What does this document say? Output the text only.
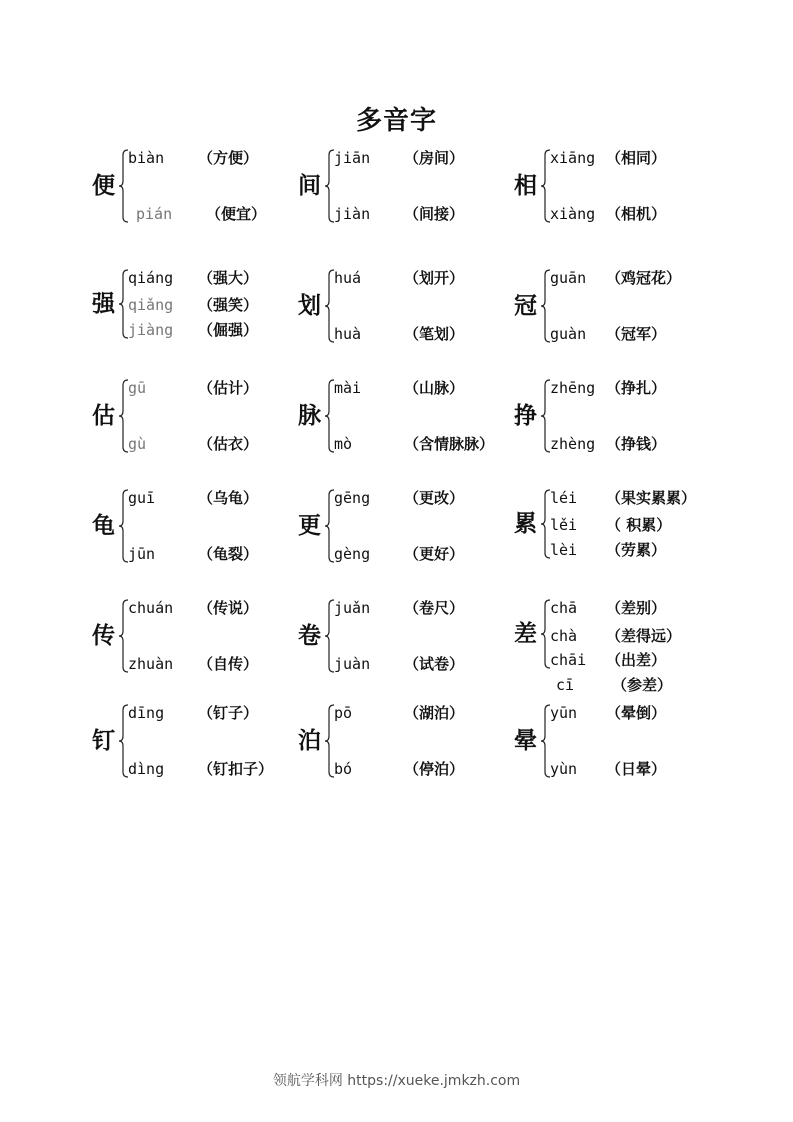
多音字
便
biàn （方便）
pián （便宜）
间
jiān （房间）
jiàn （间接）
相
xiāng （相同）
xiàng （相机）
强
qiáng （强大）
qiǎng （强笑）
jiàng （倔强）
划
huá	（划开）
huà	（笔划）
冠
guān （鸡冠花）
guàn （冠军）
估
gū	（估计）
gù	（估衣）
脉
mài	（山脉）
mò	（含情脉脉）
挣
zhēng （挣扎）
zhèng （挣钱）
龟
guī	（乌龟）
jūn	（龟裂）
更
gēng （更改）
gèng （更好）
累
léi （果实累累）
lěi （ 积累）
lèi （劳累）
传
chuán （传说）
zhuàn （自传）
卷
juǎn （卷尺）
juàn （试卷）
差
chā （差别）
chà （差得远）
chāi （出差）
cī	（参差）
钉
dīng （钉子）
dìng （钉扣子）
泊
pō	（湖泊）
bó	（停泊）
晕
yūn （晕倒）
yùn （日晕）
领航学科网 https://xueke.jmkzh.com
